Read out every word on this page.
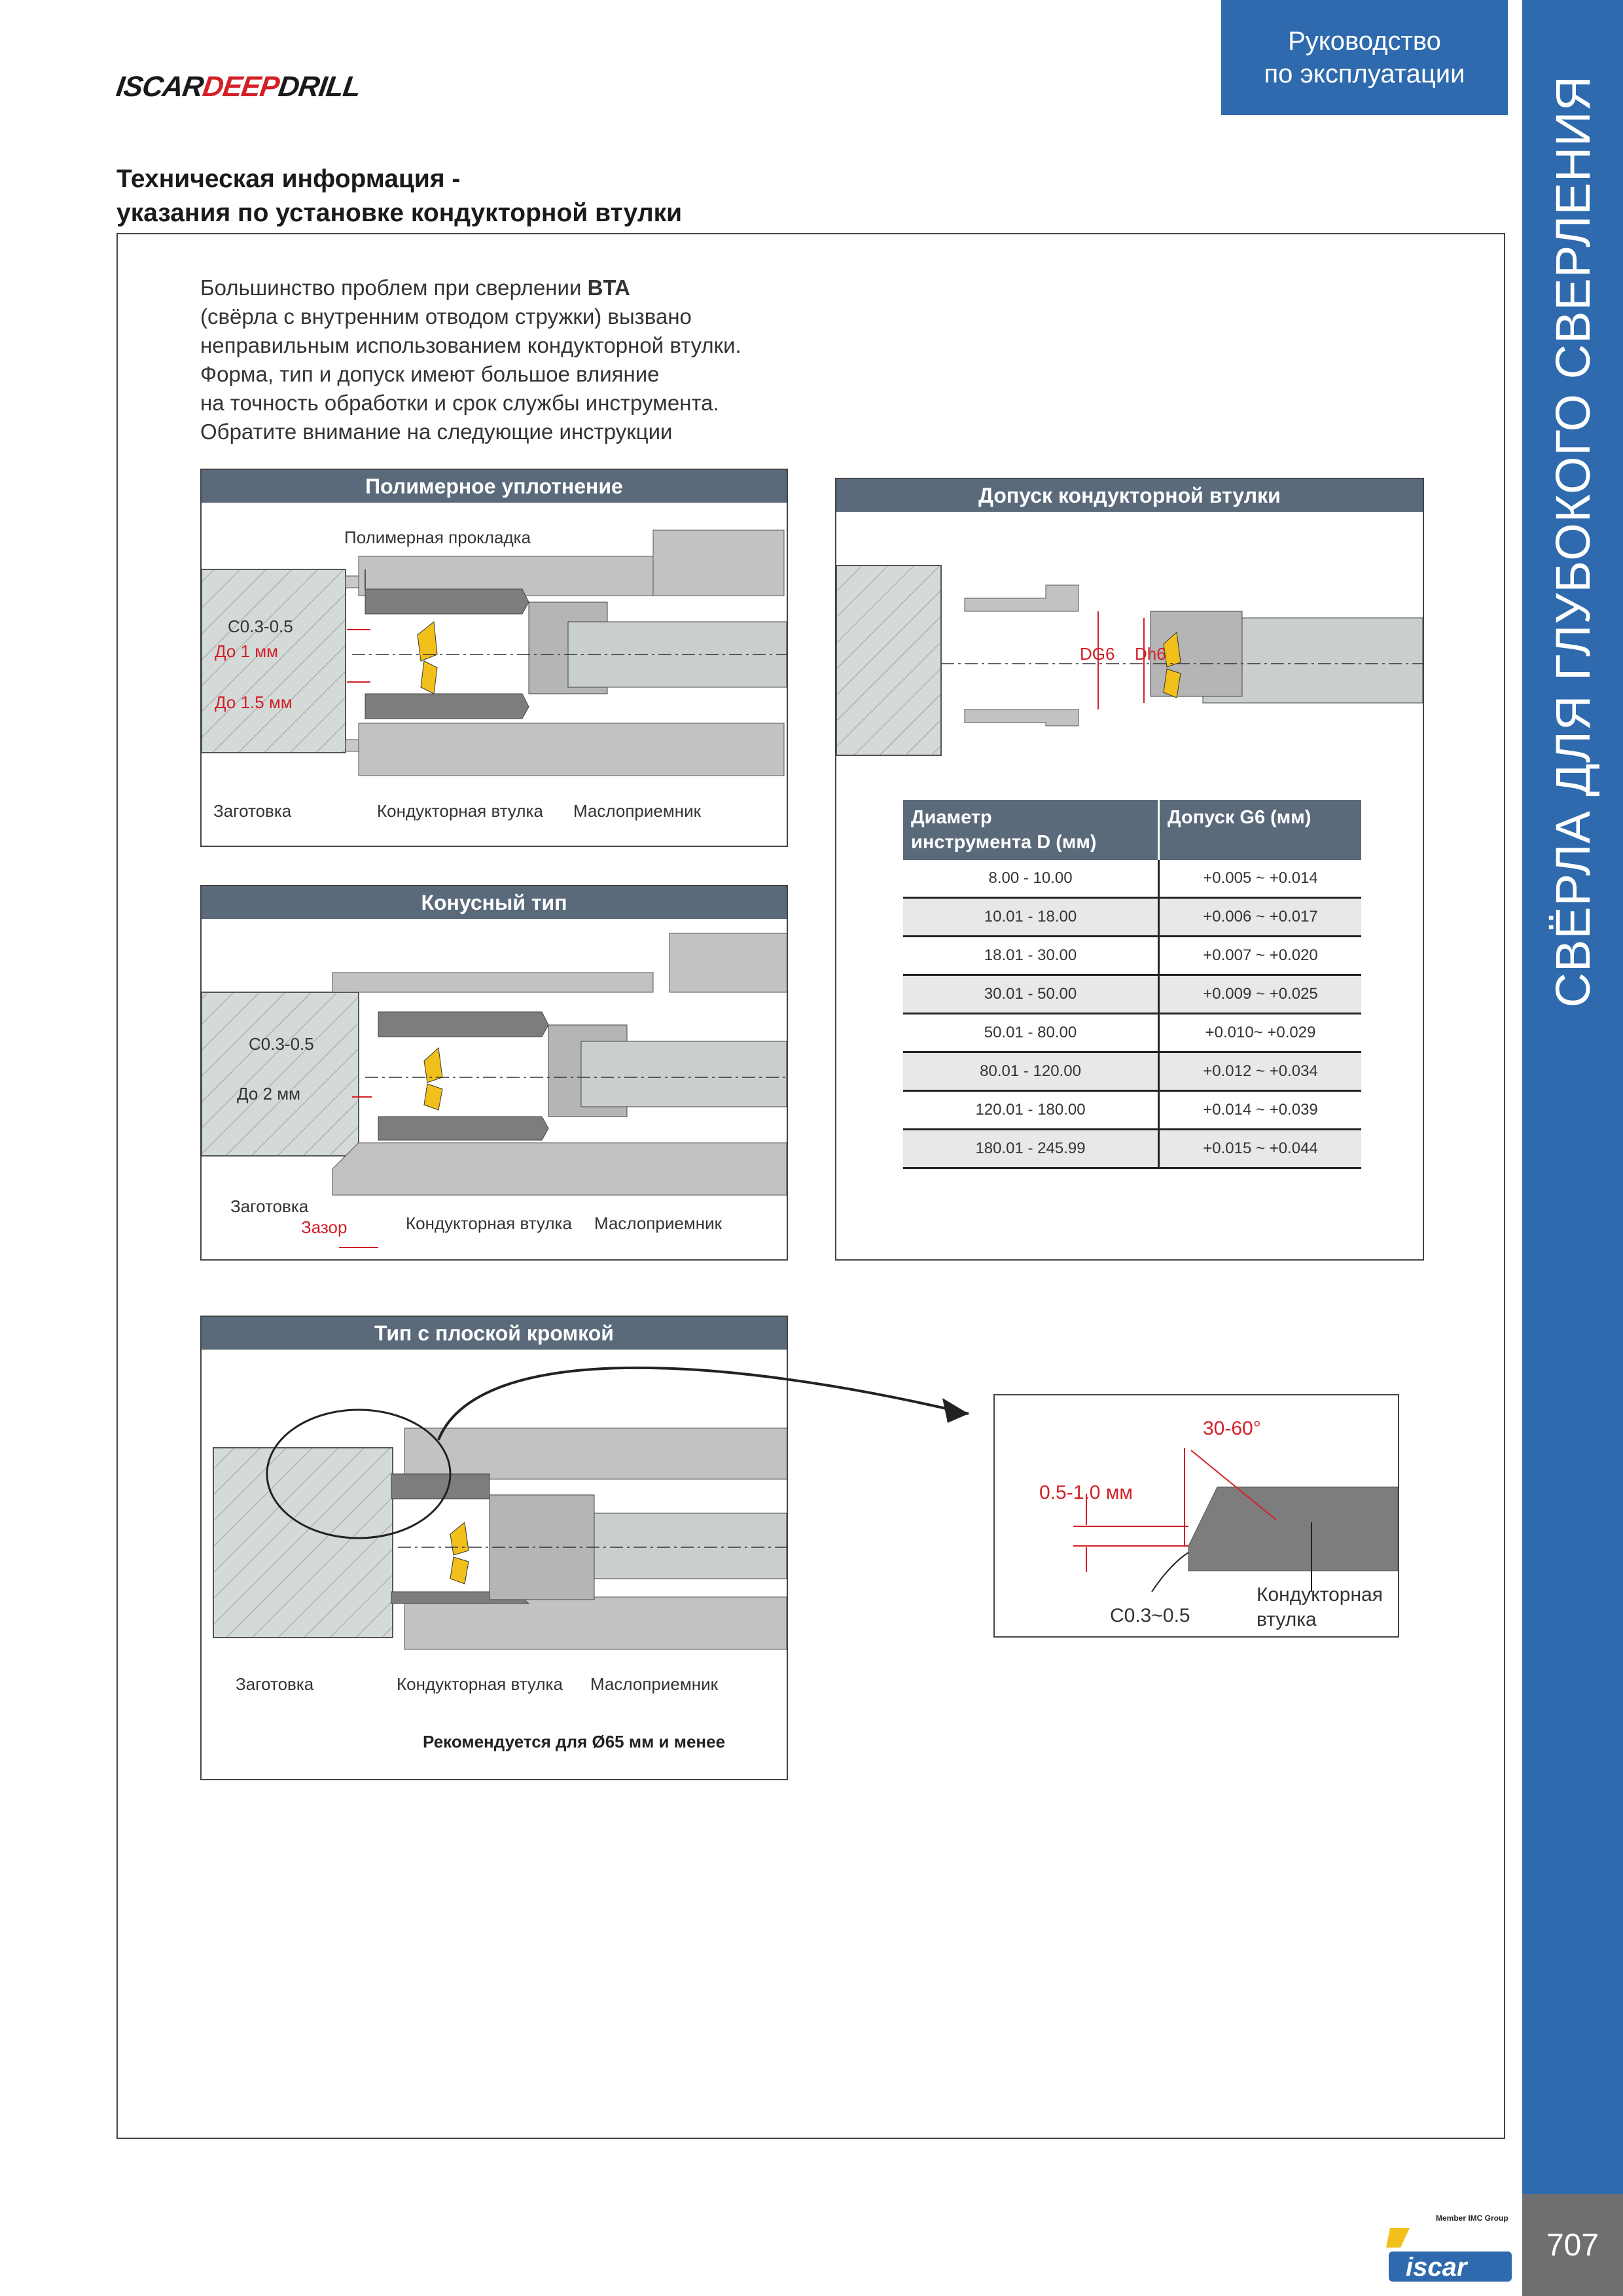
ISCARDEEPDRILL
Руководство
по эксплуатации
СВЁРЛА ДЛЯ ГЛУБОКОГО СВЕРЛЕНИЯ
707
Техническая информация -
указания по установке кондукторной втулки
Большинство проблем при сверлении BTA
(свёрла с внутренним отводом стружки) вызвано
неправильным использованием кондукторной втулки.
Форма, тип и допуск имеют большое влияние
на точность обработки и срок службы инструмента.
Обратите внимание на следующие инструкции
Полимерное уплотнение
Полимерная прокладка
C0.3-0.5
До 1 мм
До 1.5 мм
Заготовка	Кондукторная втулка Маслоприемник
Конусный тип
C0.3-0.5
До 2 мм
Заготовка
Зазор	Кондукторная втулка Маслоприемник
Допуск кондукторной втулки
DG6 Dh6
Диаметр
инструмента D (мм)	Допуск G6 (мм)
8.00 - 10.00	+0.005 ~ +0.014
10.01 - 18.00	+0.006 ~ +0.017
18.01 - 30.00	+0.007 ~ +0.020
30.01 - 50.00	+0.009 ~ +0.025
50.01 - 80.00	+0.010~ +0.029
80.01 - 120.00	+0.012 ~ +0.034
120.01 - 180.00	+0.014 ~ +0.039
180.01 - 245.99	+0.015 ~ +0.044
Тип с плоской кромкой
Заготовка	Кондукторная втулка Маслоприемник
Рекомендуется для Ø65 мм и менее
30-60°
0.5-1.0 мм
C0.3~0.5
Кондукторная
втулка
Member IMC Group
iscar
